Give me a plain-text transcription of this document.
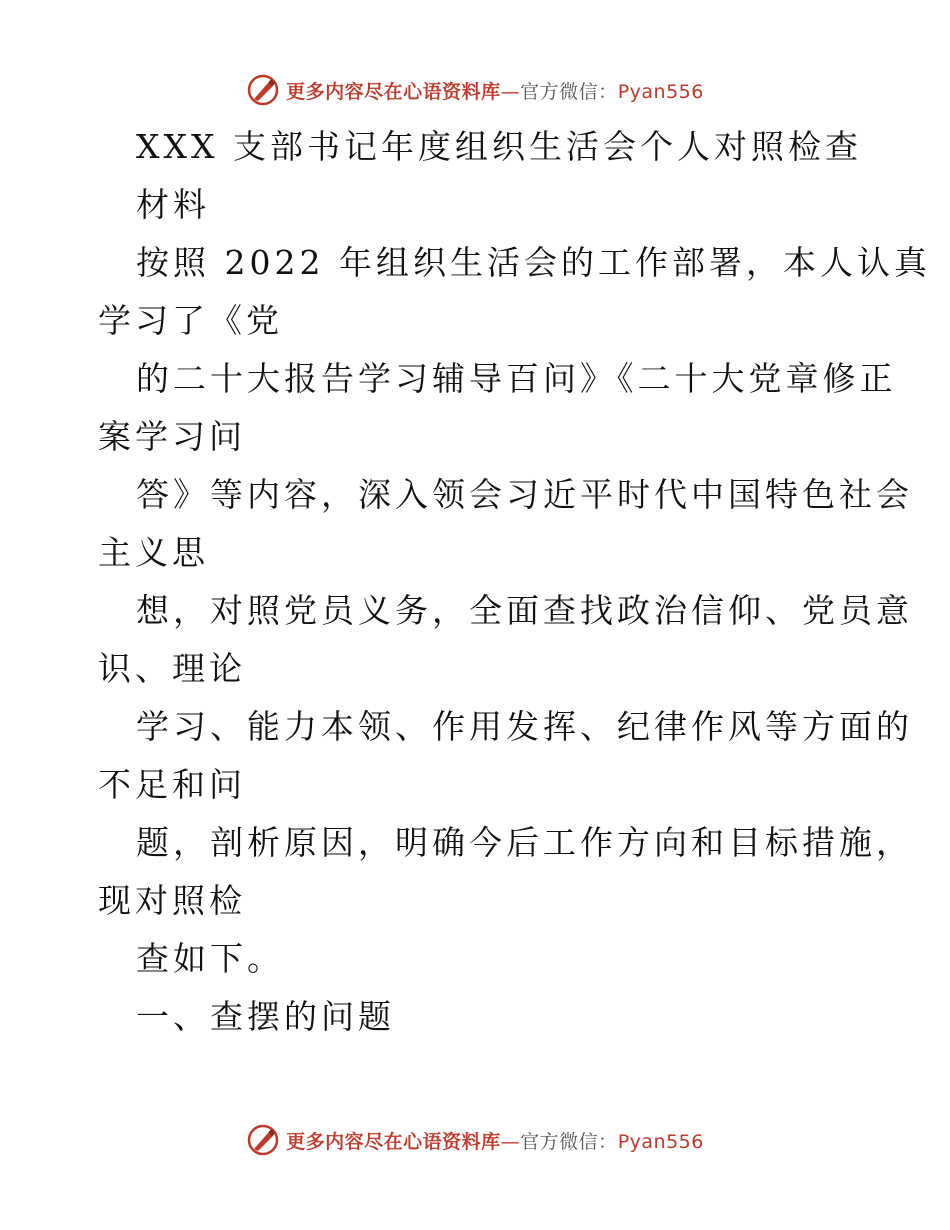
更多内容尽在心语资料库—官方微信：Pyan556
XXX 支部书记年度组织生活会个人对照检查
材料
按照 2022 年组织生活会的工作部署，本人认真
学习了《党
的二十大报告学习辅导百问》《二十大党章修正
案学习问
答》等内容，深入领会习近平时代中国特色社会
主义思
想，对照党员义务，全面查找政治信仰、党员意
识、理论
学习、能力本领、作用发挥、纪律作风等方面的
不足和问
题，剖析原因，明确今后工作方向和目标措施，
现对照检
查如下。
一、查摆的问题
更多内容尽在心语资料库—官方微信：Pyan556
